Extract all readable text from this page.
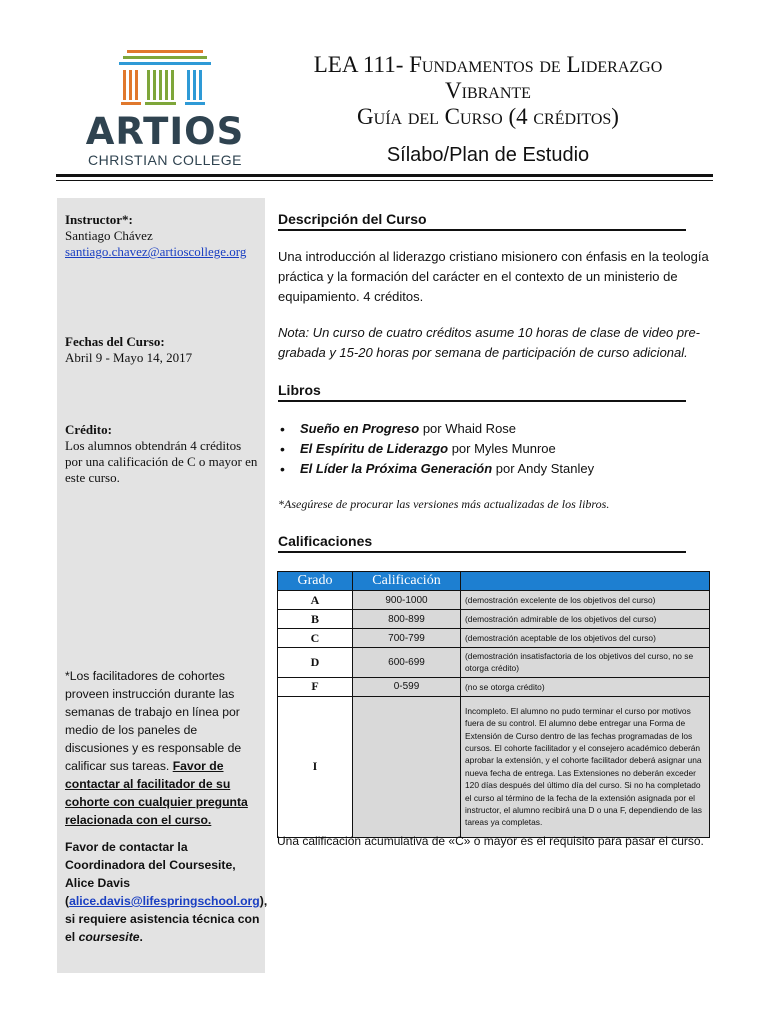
ARTIOS
CHRISTIAN COLLEGE
LEA 111- Fundamentos de Liderazgo
Vibrante
Guía del Curso (4 créditos)
Sílabo/Plan de Estudio
Instructor*:
Santiago Chávez
santiago.chavez@artioscollege.org
Fechas del Curso:
Abril 9 - Mayo 14, 2017
Crédito:
Los alumnos obtendrán 4 créditos por una calificación de C o mayor en este curso.
*Los facilitadores de cohortes proveen instrucción durante las semanas de trabajo en línea por medio de los paneles de discusiones y es responsable de calificar sus tareas. Favor de contactar al facilitador de su cohorte con cualquier pregunta relacionada con el curso.
Favor de contactar la Coordinadora del Coursesite, Alice Davis (alice.davis@lifespringschool.org), si requiere asistencia técnica con el coursesite.
Descripción del Curso
Una introducción al liderazgo cristiano misionero con énfasis en la teología práctica y la formación del carácter en el contexto de un ministerio de equipamiento. 4 créditos.
Nota: Un curso de cuatro créditos asume 10 horas de clase de video pre-grabada y 15-20 horas por semana de participación de curso adicional.
Libros
• Sueño en Progreso por Whaid Rose
• El Espíritu de Liderazgo por Myles Munroe
• El Líder la Próxima Generación por Andy Stanley
*Asegúrese de procurar las versiones más actualizadas de los libros.
Calificaciones
Grado	Calificación	
A	900-1000	(demostración excelente de los objetivos del curso)
B	800-899	(demostración admirable de los objetivos del curso)
C	700-799	(demostración aceptable de los objetivos del curso)
D	600-699	(demostración insatisfactoria de los objetivos del curso, no se otorga crédito)
F	0-599	(no se otorga crédito)
I		Incompleto. El alumno no pudo terminar el curso por motivos fuera de su control. El alumno debe entregar una Forma de Extensión de Curso dentro de las fechas programadas de los cursos. El cohorte facilitador y el consejero académico deberán aprobar la extensión, y el cohorte facilitador deberá asignar una nueva fecha de entrega. Las Extensiones no deberán exceder 120 días después del último día del curso. Si no ha completado el curso al término de la fecha de la extensión asignada por el instructor, el alumno recibirá una D o una F, dependiendo de las tareas ya completas.
Una calificación acumulativa de «C» o mayor es el requisito para pasar el curso.
